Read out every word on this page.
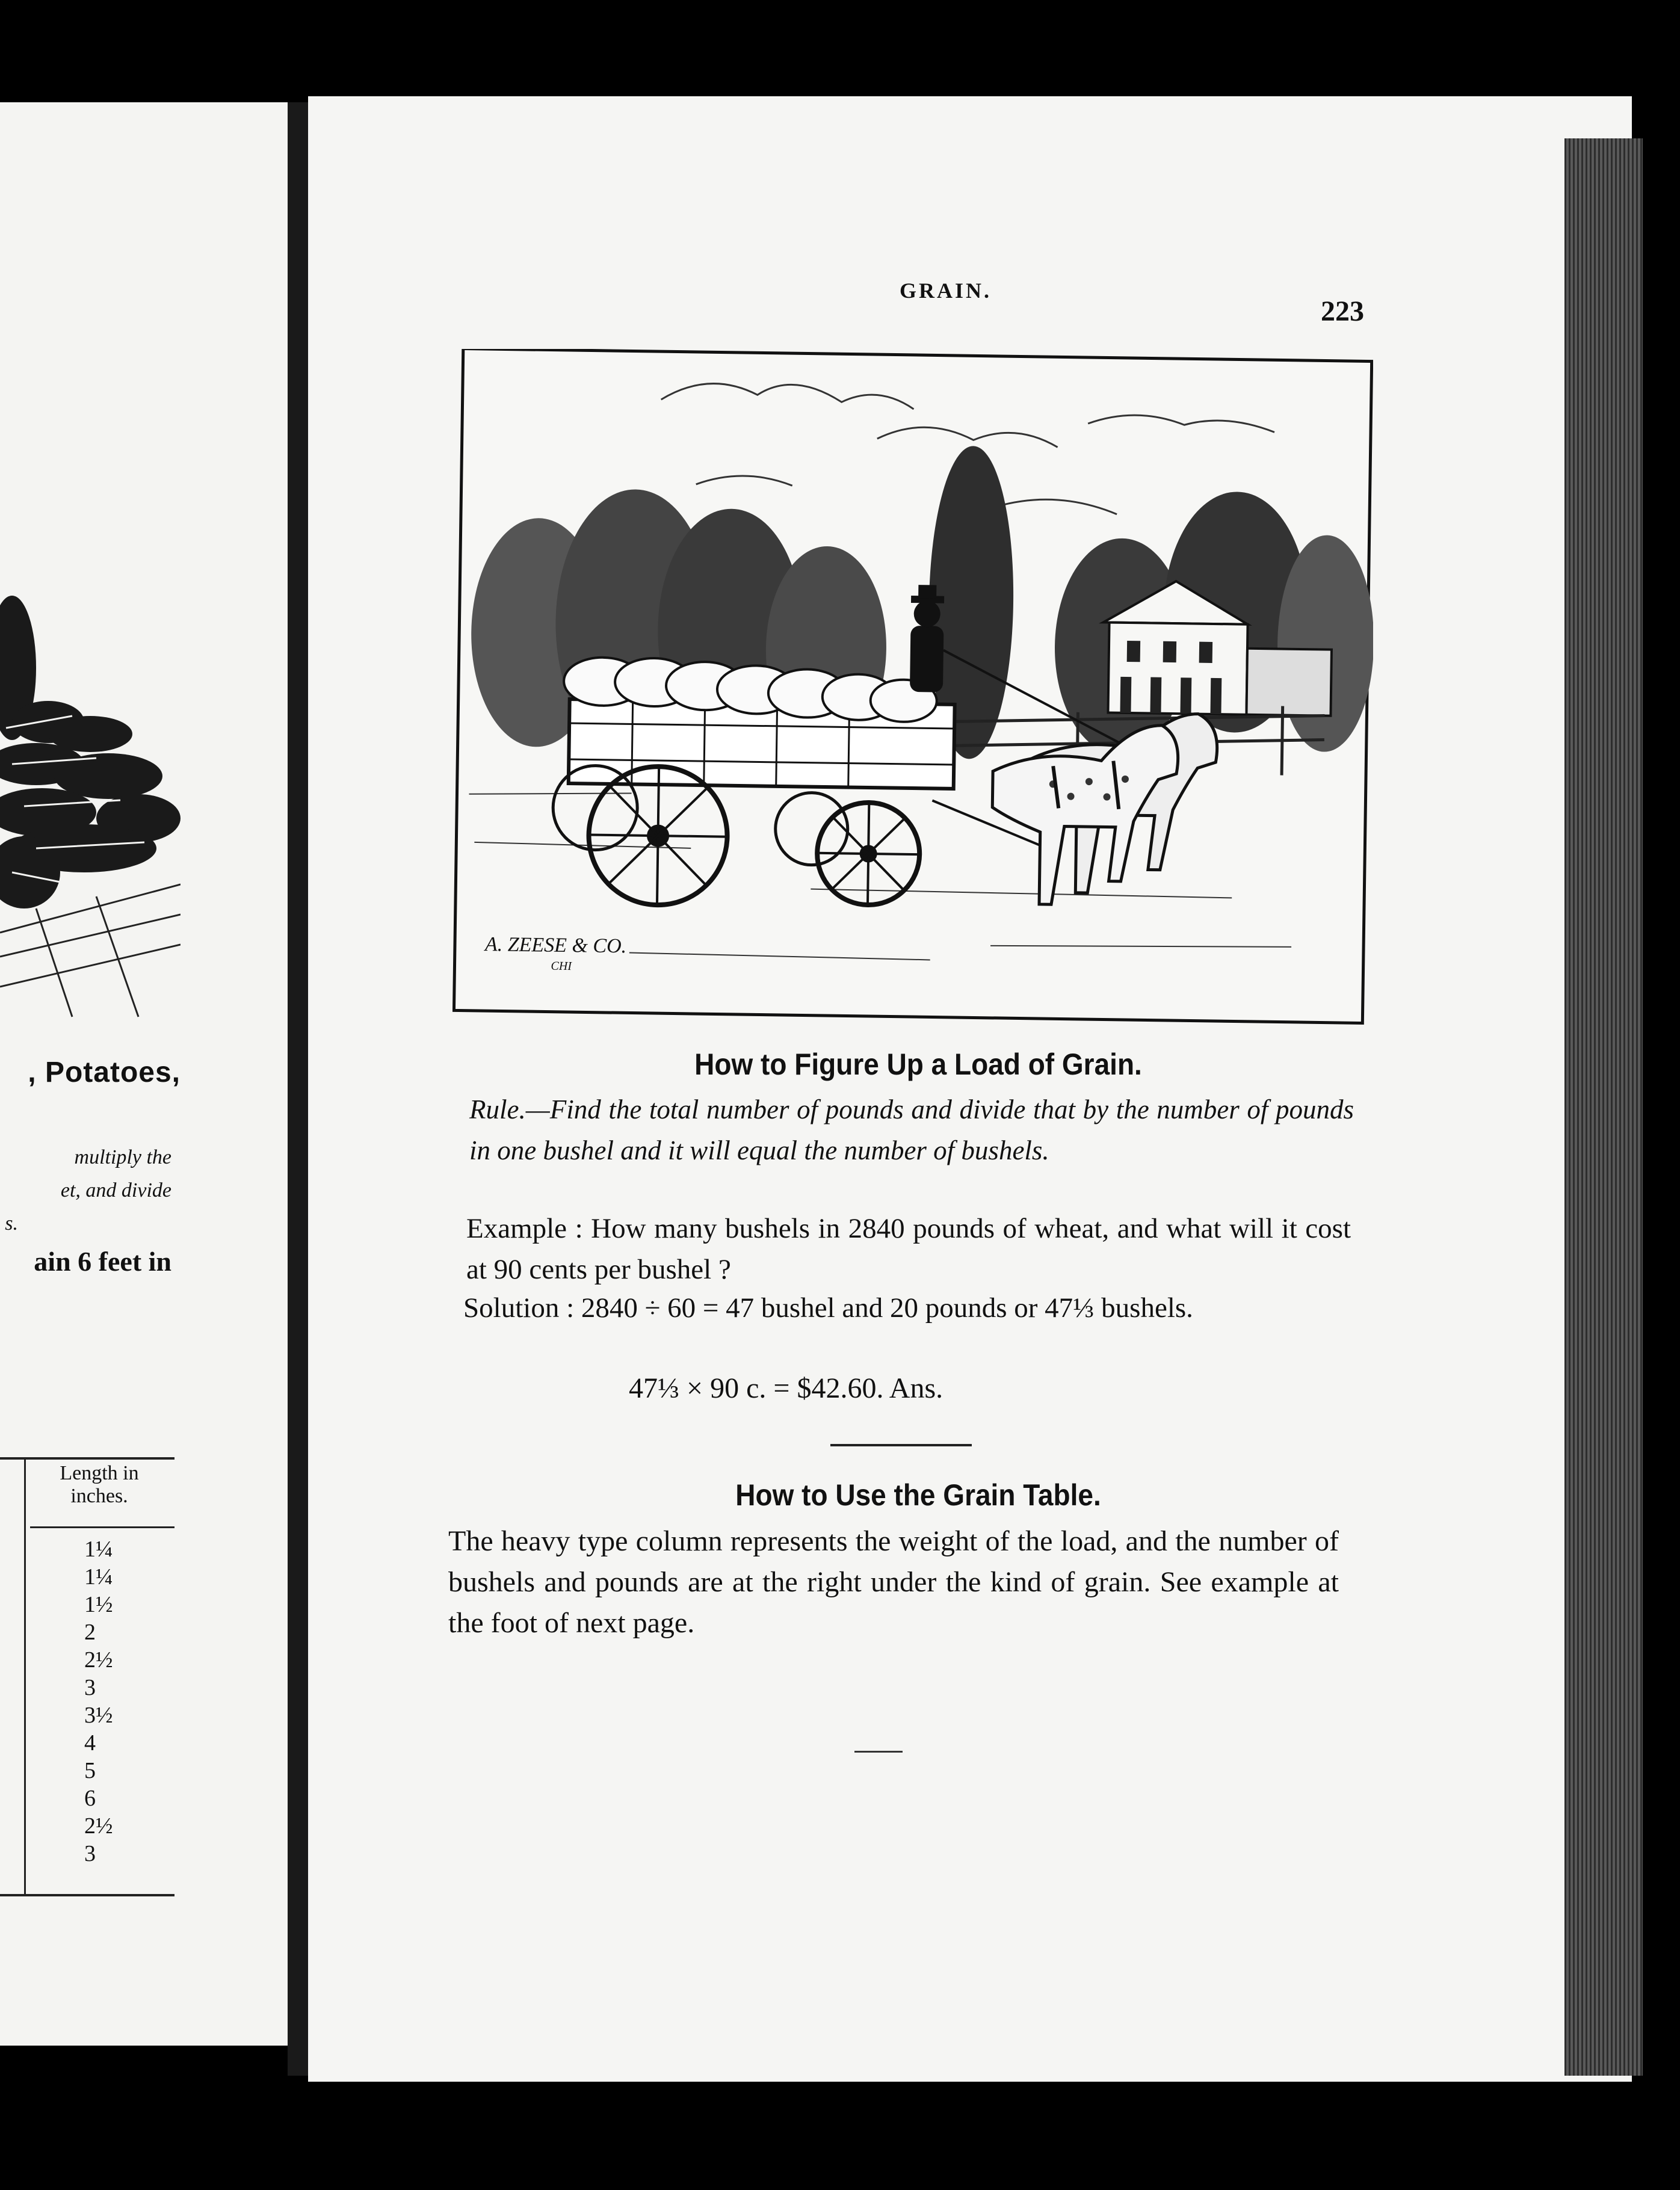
, Potatoes,
multiply the
et, and divide
s.
ain 6 feet in
Length in
inches.
1¼
1¼
1½
2
2½
3
3½
4
5
6
2½
3
GRAIN.
223
A. ZEESE & CO.
CHI
How to Figure Up a Load of Grain.
Rule.—Find the total number of pounds and divide that by the number of pounds in one bushel and it will equal the number of bushels.
Example : How many bushels in 2840 pounds of wheat, and what will it cost at 90 cents per bushel ?
Solution : 2840 ÷ 60 = 47 bushel and 20 pounds or 47⅓ bushels.
47⅓ × 90 c. = $42.60. Ans.
How to Use the Grain Table.
The heavy type column represents the weight of the load, and the number of bushels and pounds are at the right under the kind of grain. See example at the foot of next page.
